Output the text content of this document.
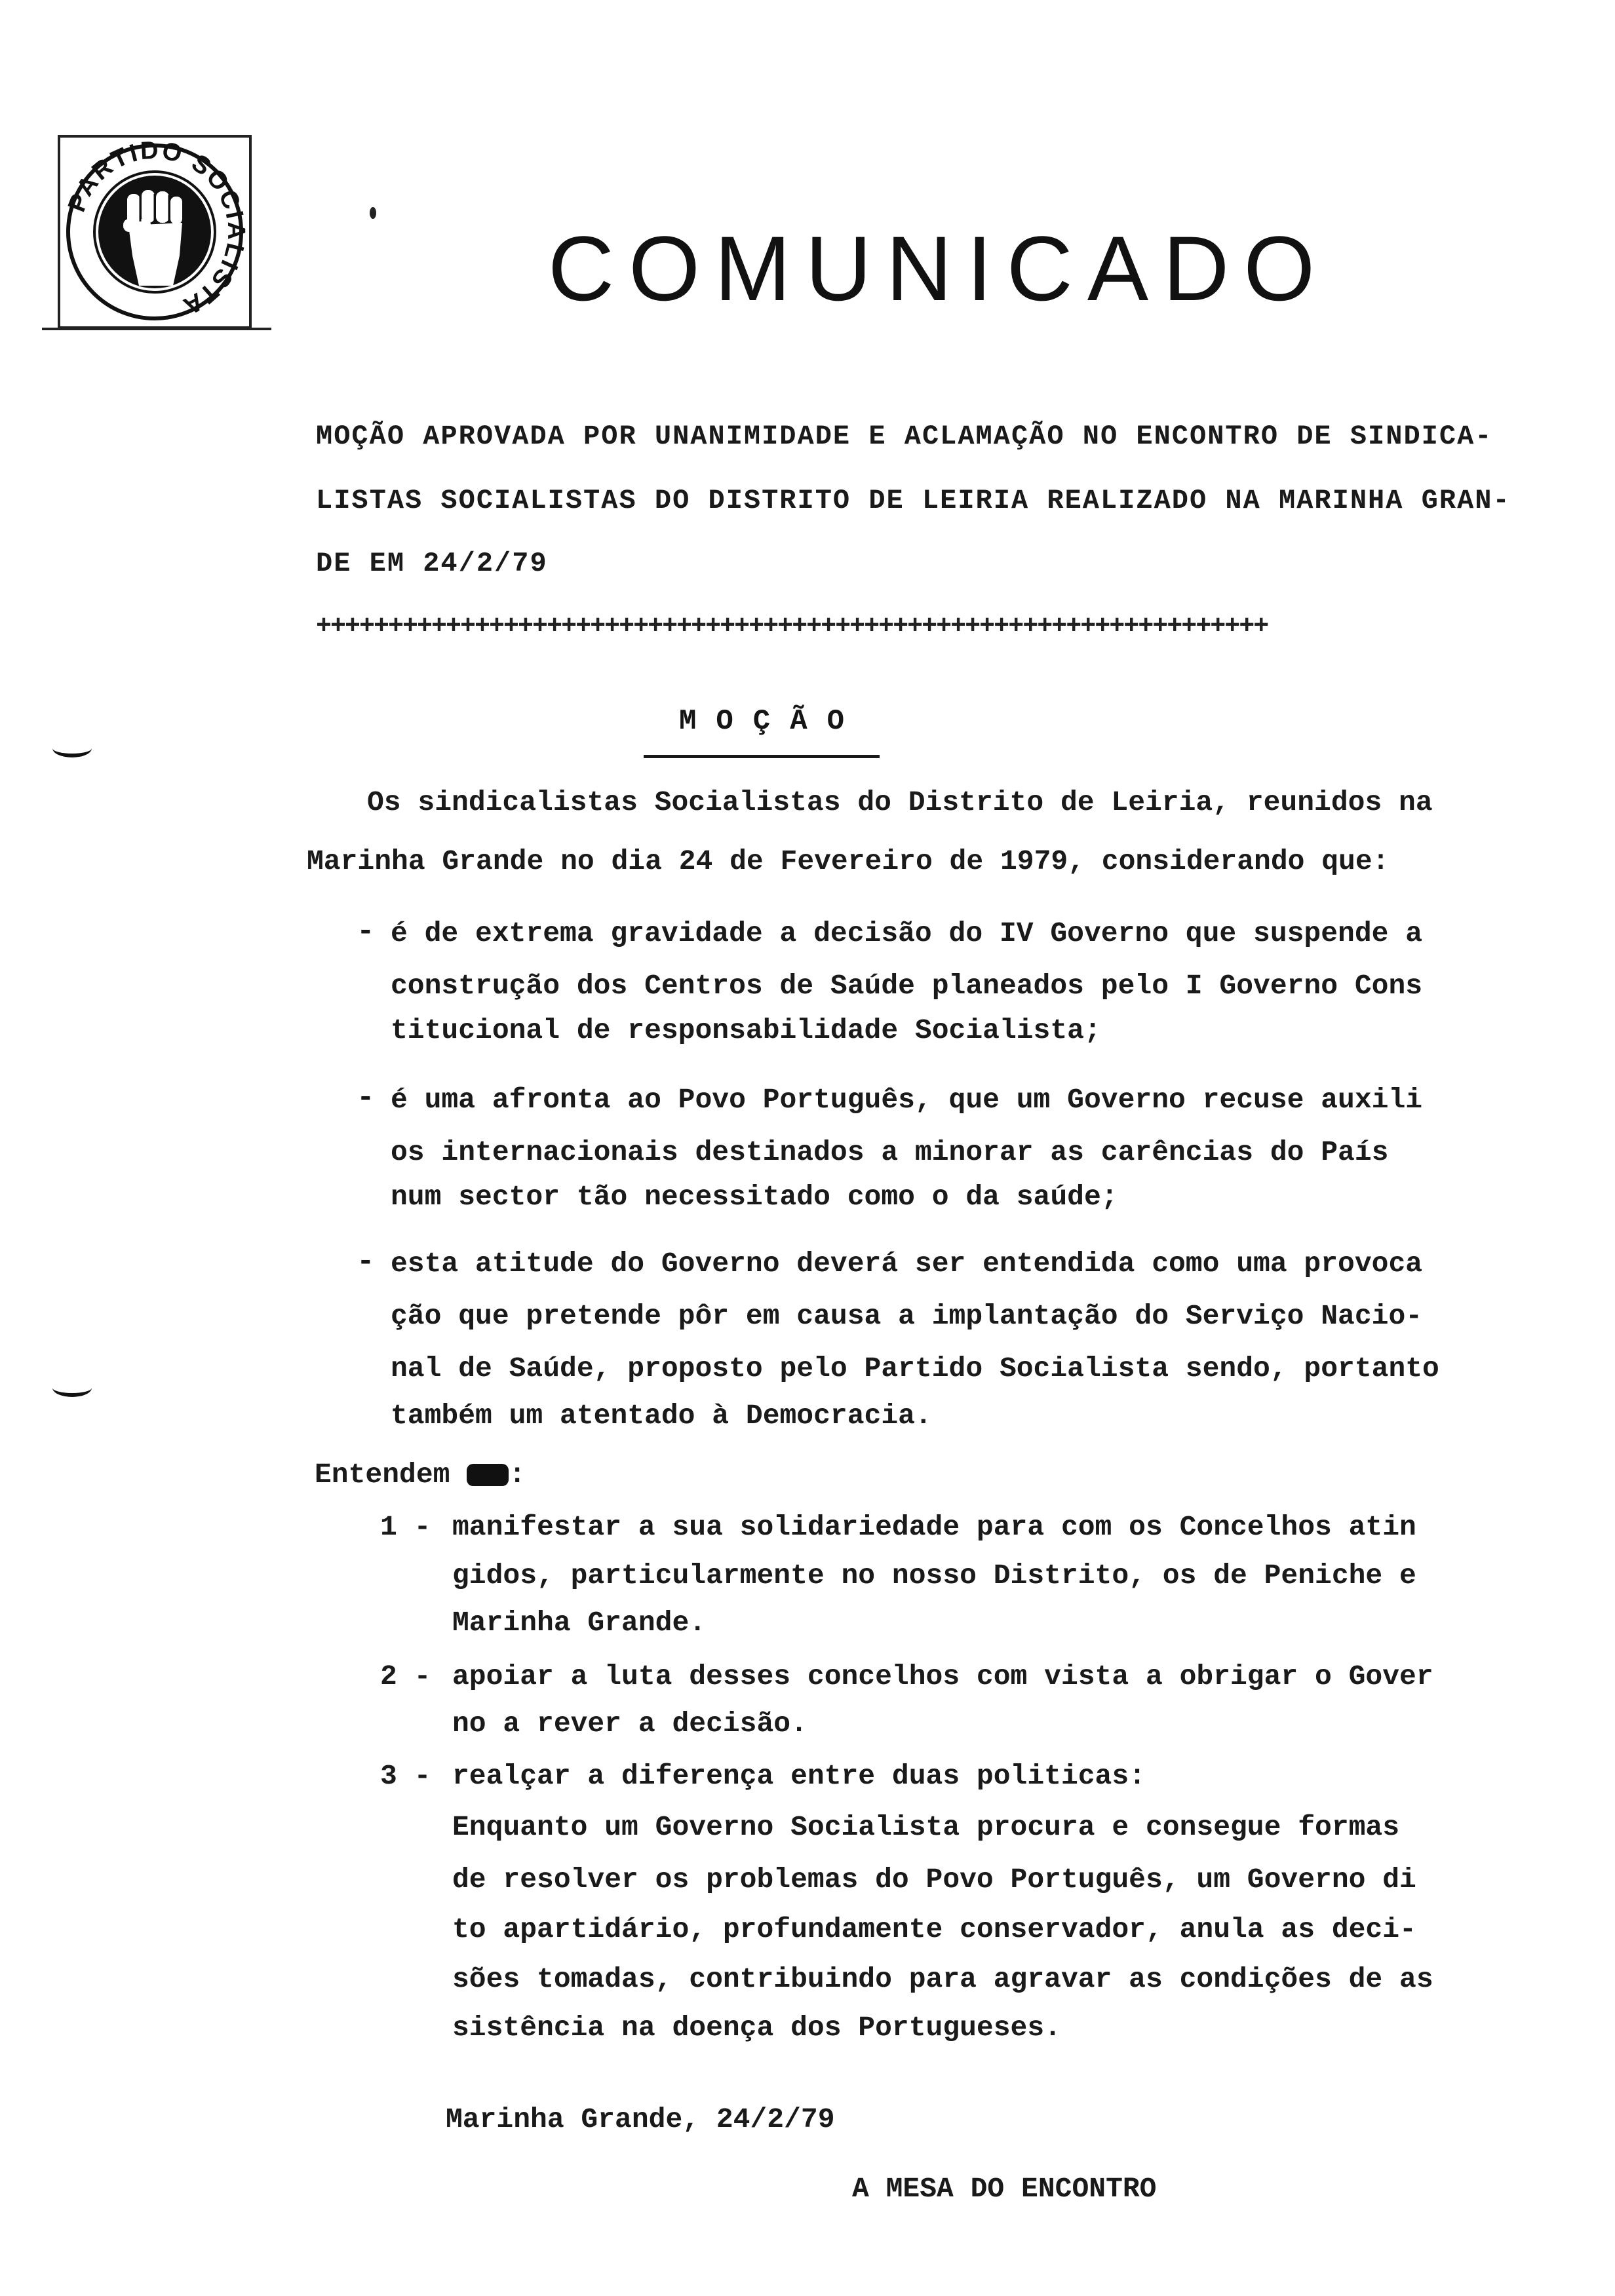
PARTIDO SOCIALISTA	COMUNICADO
MOÇÃO APROVADA POR UNANIMIDADE E ACLAMAÇÃO NO ENCONTRO DE SINDICA-
LISTAS SOCIALISTAS DO DISTRITO DE LEIRIA REALIZADO NA MARINHA GRAN-
DE EM 24/2/79
++++++++++++++++++++++++++++++++++++++++++++++++++++++++++++++++++
MOÇÃO
Os sindicalistas Socialistas do Distrito de Leiria, reunidos na
Marinha Grande no dia 24 de Fevereiro de 1979, considerando que:
- é de extrema gravidade a decisão do IV Governo que suspende a
construção dos Centros de Saúde planeados pelo I Governo Cons
titucional de responsabilidade Socialista;
- é uma afronta ao Povo Português, que um Governo recuse auxili
os internacionais destinados a minorar as carências do País
num sector tão necessitado como o da saúde;
- esta atitude do Governo deverá ser entendida como uma provoca
ção que pretende pôr em causa a implantação do Serviço Nacio-
nal de Saúde, proposto pelo Partido Socialista sendo, portanto
também um atentado à Democracia.
Entendem :
1 - manifestar a sua solidariedade para com os Concelhos atin
gidos, particularmente no nosso Distrito, os de Peniche e
Marinha Grande.
2 - apoiar a luta desses concelhos com vista a obrigar o Gover
no a rever a decisão.
3 - realçar a diferença entre duas politicas:
Enquanto um Governo Socialista procura e consegue formas
de resolver os problemas do Povo Português, um Governo di
to apartidário, profundamente conservador, anula as deci-
sões tomadas, contribuindo para agravar as condições de as
sistência na doença dos Portugueses.
Marinha Grande, 24/2/79
A MESA DO ENCONTRO
